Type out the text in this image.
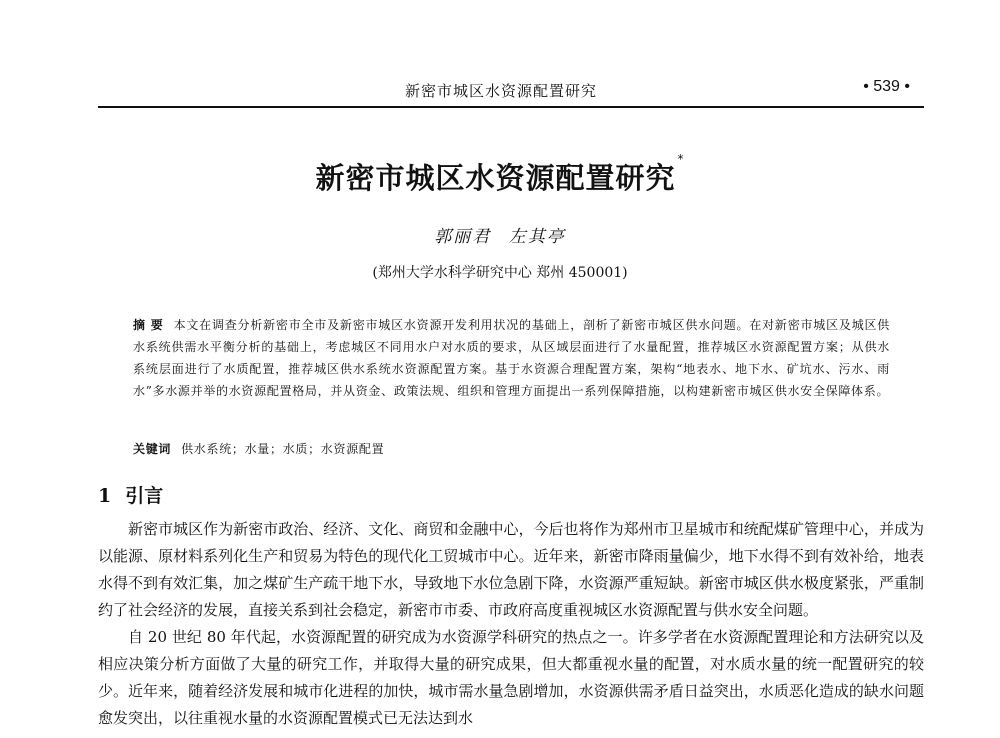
新密市城区水资源配置研究	• 539 •
新密市城区水资源配置研究*
郭丽君 左其亭
(郑州大学水科学研究中心 郑州 450001)
摘 要 本文在调查分析新密市全市及新密市城区水资源开发利用状况的基础上，剖析了新密市城区供水问题。在对新密市城区及城区供水系统供需水平衡分析的基础上，考虑城区不同用水户对水质的要求，从区域层面进行了水量配置，推荐城区水资源配置方案；从供水系统层面进行了水质配置，推荐城区供水系统水资源配置方案。基于水资源合理配置方案，架构“地表水、地下水、矿坑水、污水、雨水”多水源并举的水资源配置格局，并从资金、政策法规、组织和管理方面提出一系列保障措施，以构建新密市城区供水安全保障体系。
关键词 供水系统；水量；水质；水资源配置
1 引言

新密市城区作为新密市政治、经济、文化、商贸和金融中心，今后也将作为郑州市卫星城市和统配煤矿管理中心，并成为以能源、原材料系列化生产和贸易为特色的现代化工贸城市中心。近年来，新密市降雨量偏少，地下水得不到有效补给，地表水得不到有效汇集，加之煤矿生产疏干地下水，导致地下水位急剧下降，水资源严重短缺。新密市城区供水极度紧张，严重制约了社会经济的发展，直接关系到社会稳定，新密市市委、市政府高度重视城区水资源配置与供水安全问题。

自 20 世纪 80 年代起，水资源配置的研究成为水资源学科研究的热点之一。许多学者在水资源配置理论和方法研究以及相应决策分析方面做了大量的研究工作，并取得大量的研究成果，但大都重视水量的配置，对水质水量的统一配置研究的较少。近年来，随着经济发展和城市化进程的加快，城市需水量急剧增加，水资源供需矛盾日益突出，水质恶化造成的缺水问题愈发突出，以往重视水量的水资源配置模式已无法达到水
